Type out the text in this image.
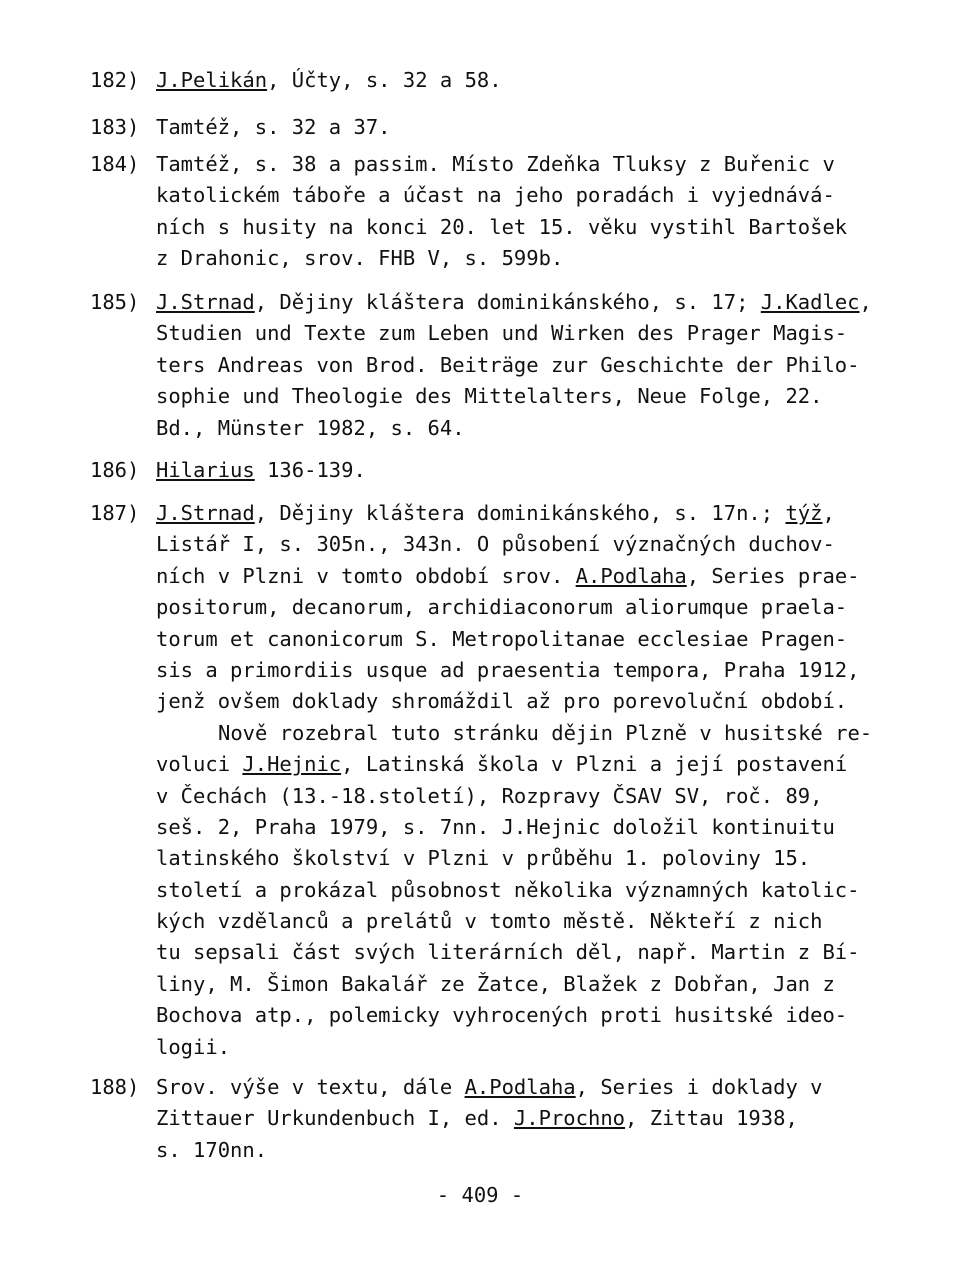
182) J.Pelikán, Účty, s. 32 a 58.
183) Tamtéž, s. 32 a 37.
184) Tamtéž, s. 38 a passim. Místo Zdeňka Tluksy z Buřenic v
katolickém táboře a účast na jeho poradách i vyjednává-
ních s husity na konci 20. let 15. věku vystihl Bartošek
z Drahonic, srov. FHB V, s. 599b.
185) J.Strnad, Dějiny kláštera dominikánského, s. 17; J.Kadlec,
Studien und Texte zum Leben und Wirken des Prager Magis-
ters Andreas von Brod. Beiträge zur Geschichte der Philo-
sophie und Theologie des Mittelalters, Neue Folge, 22.
Bd., Münster 1982, s. 64.
186) Hilarius 136-139.
187) J.Strnad, Dějiny kláštera dominikánského, s. 17n.; týž,
Listář I, s. 305n., 343n. O působení význačných duchov-
ních v Plzni v tomto období srov. A.Podlaha, Series prae-
positorum, decanorum, archidiaconorum aliorumque praela-
torum et canonicorum S. Metropolitanae ecclesiae Pragen-
sis a primordiis usque ad praesentia tempora, Praha 1912,
jenž ovšem doklady shromáždil až pro porevoluční období.
Nově rozebral tuto stránku dějin Plzně v husitské re-
voluci J.Hejnic, Latinská škola v Plzni a její postavení
v Čechách (13.-18.století), Rozpravy ČSAV SV, roč. 89,
seš. 2, Praha 1979, s. 7nn. J.Hejnic doložil kontinuitu
latinského školství v Plzni v průběhu 1. poloviny 15.
století a prokázal působnost několika významných katolic-
kých vzdělanců a prelátů v tomto městě. Někteří z nich
tu sepsali část svých literárních děl, např. Martin z Bí-
liny, M. Šimon Bakalář ze Žatce, Blažek z Dobřan, Jan z
Bochova atp., polemicky vyhrocených proti husitské ideo-
logii.
188) Srov. výše v textu, dále A.Podlaha, Series i doklady v
Zittauer Urkundenbuch I, ed. J.Prochno, Zittau 1938,
s. 170nn.
- 409 -
